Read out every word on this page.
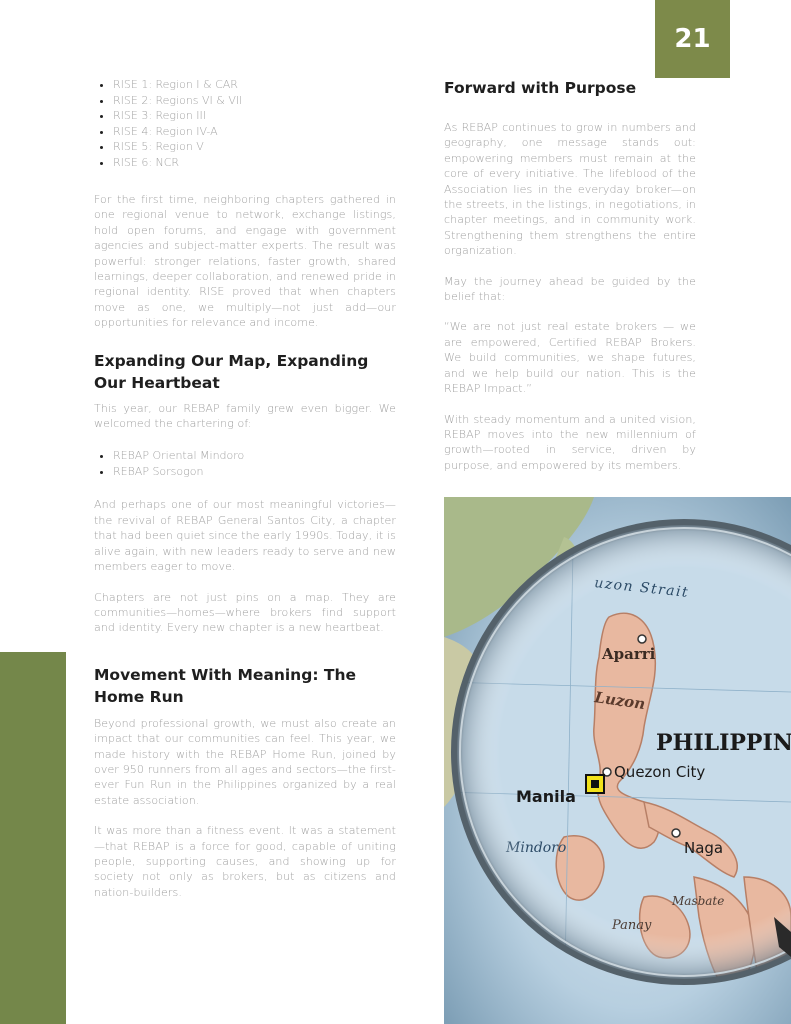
21
• RISE 1: Region I & CAR
• RISE 2: Regions VI & VII
• RISE 3: Region III
• RISE 4: Region IV-A
• RISE 5: Region V
• RISE 6: NCR

For the first time, neighboring chapters gathered in one regional venue to network, exchange listings, hold open forums, and engage with government agencies and subject-matter experts. The result was powerful: stronger relations, faster growth, shared learnings, deeper collaboration, and renewed pride in regional identity. RISE proved that when chapters move as one, we multiply—not just add—our opportunities for relevance and income.

Expanding Our Map, Expanding Our Heartbeat

This year, our REBAP family grew even bigger. We welcomed the chartering of:

• REBAP Oriental Mindoro
• REBAP Sorsogon

And perhaps one of our most meaningful victories—the revival of REBAP General Santos City, a chapter that had been quiet since the early 1990s. Today, it is alive again, with new leaders ready to serve and new members eager to move.

Chapters are not just pins on a map. They are communities—homes—where brokers find support and identity. Every new chapter is a new heartbeat.

Movement With Meaning: The Home Run

Beyond professional growth, we must also create an impact that our communities can feel. This year, we made history with the REBAP Home Run, joined by over 950 runners from all ages and sectors—the first-ever Fun Run in the Philippines organized by a real estate association.

It was more than a fitness event. It was a statement—that REBAP is a force for good, capable of uniting people, supporting causes, and showing up for society not only as brokers, but as citizens and nation-builders.

Forward with Purpose

As REBAP continues to grow in numbers and geography, one message stands out: empowering members must remain at the core of every initiative. The lifeblood of the Association lies in the everyday broker—on the streets, in the listings, in negotiations, in chapter meetings, and in community work. Strengthening them strengthens the entire organization.

May the journey ahead be guided by the belief that:

“We are not just real estate brokers — we are empowered, Certified REBAP Brokers. We build communities, we shape futures, and we help build our nation. This is the REBAP Impact.”

With steady momentum and a united vision, REBAP moves into the new millennium of growth—rooted in service, driven by purpose, and empowered by its members.
